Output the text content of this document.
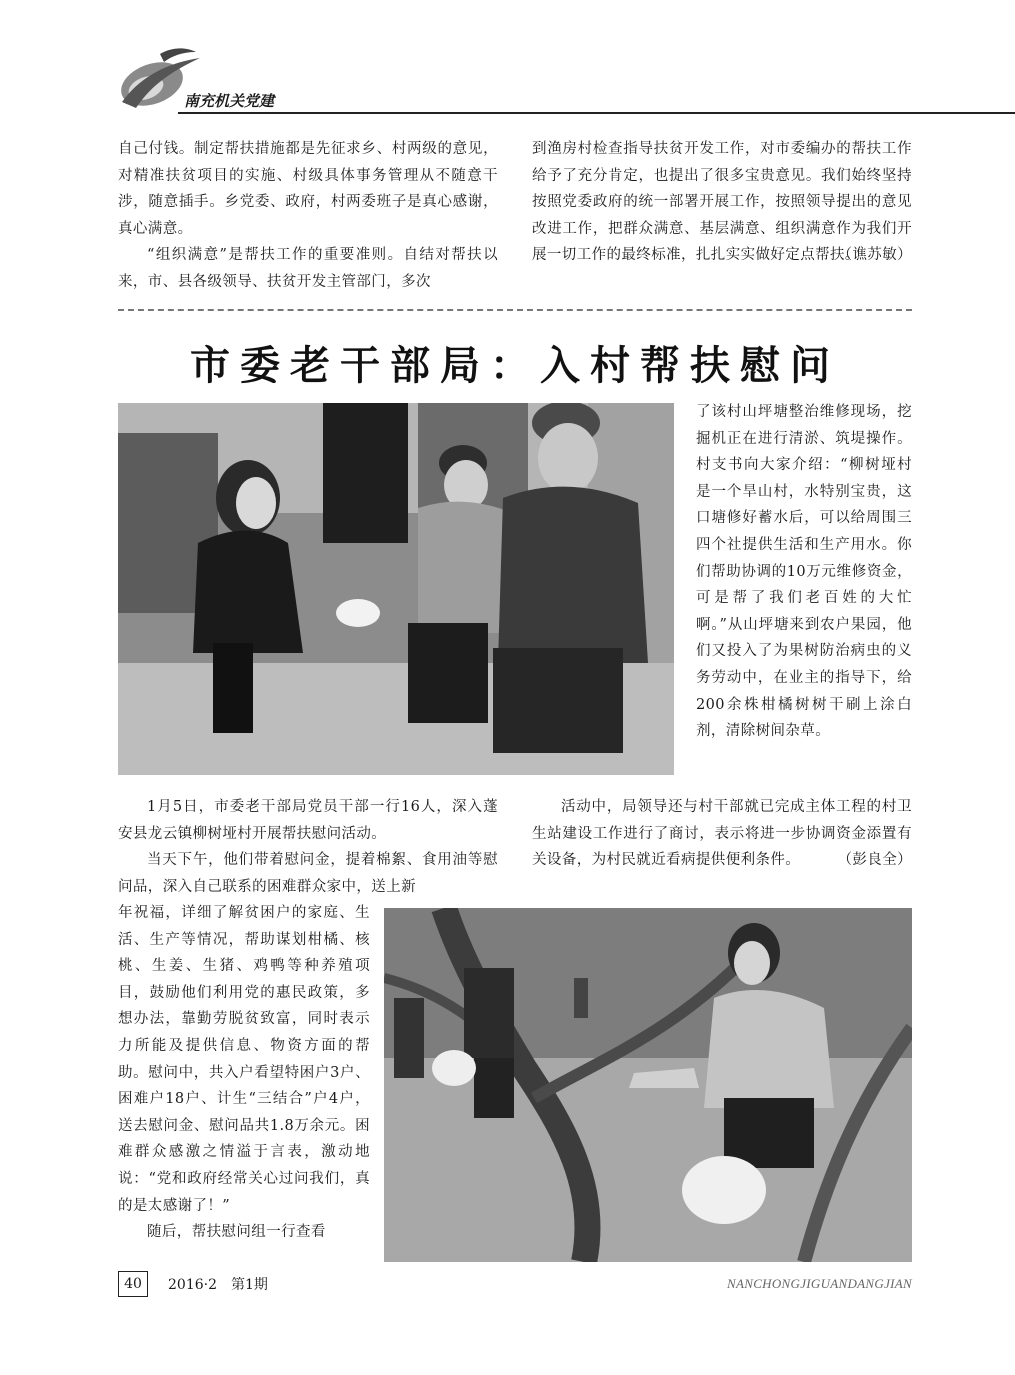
南充机关党建

自己付钱。制定帮扶措施都是先征求乡、村两级的意见，对精准扶贫项目的实施、村级具体事务管理从不随意干涉，随意插手。乡党委、政府，村两委班子是真心感谢，真心满意。

“组织满意”是帮扶工作的重要准则。自结对帮扶以来，市、县各级领导、扶贫开发主管部门，多次

到渔房村检查指导扶贫开发工作，对市委编办的帮扶工作给予了充分肯定，也提出了很多宝贵意见。我们始终坚持按照党委政府的统一部署开展工作，按照领导提出的意见改进工作，把群众满意、基层满意、组织满意作为我们开展一切工作的最终标准，扎扎实实做好定点帮扶。

（谯苏敏）

市委老干部局：入村帮扶慰问

了该村山坪塘整治维修现场，挖掘机正在进行清淤、筑堤操作。村支书向大家介绍：“柳树垭村是一个旱山村，水特别宝贵，这口塘修好蓄水后，可以给周围三四个社提供生活和生产用水。你们帮助协调的10万元维修资金，可是帮了我们老百姓的大忙啊。”从山坪塘来到农户果园，他们又投入了为果树防治病虫的义务劳动中，在业主的指导下，给200余株柑橘树树干刷上涂白剂，清除树间杂草。

1月5日，市委老干部局党员干部一行16人，深入蓬安县龙云镇柳树垭村开展帮扶慰问活动。

当天下午，他们带着慰问金，提着棉絮、食用油等慰问品，深入自己联系的困难群众家中，送上新

年祝福，详细了解贫困户的家庭、生活、生产等情况，帮助谋划柑橘、核桃、生姜、生猪、鸡鸭等种养殖项目，鼓励他们利用党的惠民政策，多想办法，靠勤劳脱贫致富，同时表示力所能及提供信息、物资方面的帮助。慰问中，共入户看望特困户3户、困难户18户、计生“三结合”户4户，送去慰问金、慰问品共1.8万余元。困难群众感激之情溢于言表，激动地说：“党和政府经常关心过问我们，真的是太感谢了！”

随后，帮扶慰问组一行查看

活动中，局领导还与村干部就已完成主体工程的村卫生站建设工作进行了商讨，表示将进一步协调资金添置有关设备，为村民就近看病提供便利条件。	（彭良全）

40	2016·2　第1期	NANCHONGJIGUANDANGJIAN
